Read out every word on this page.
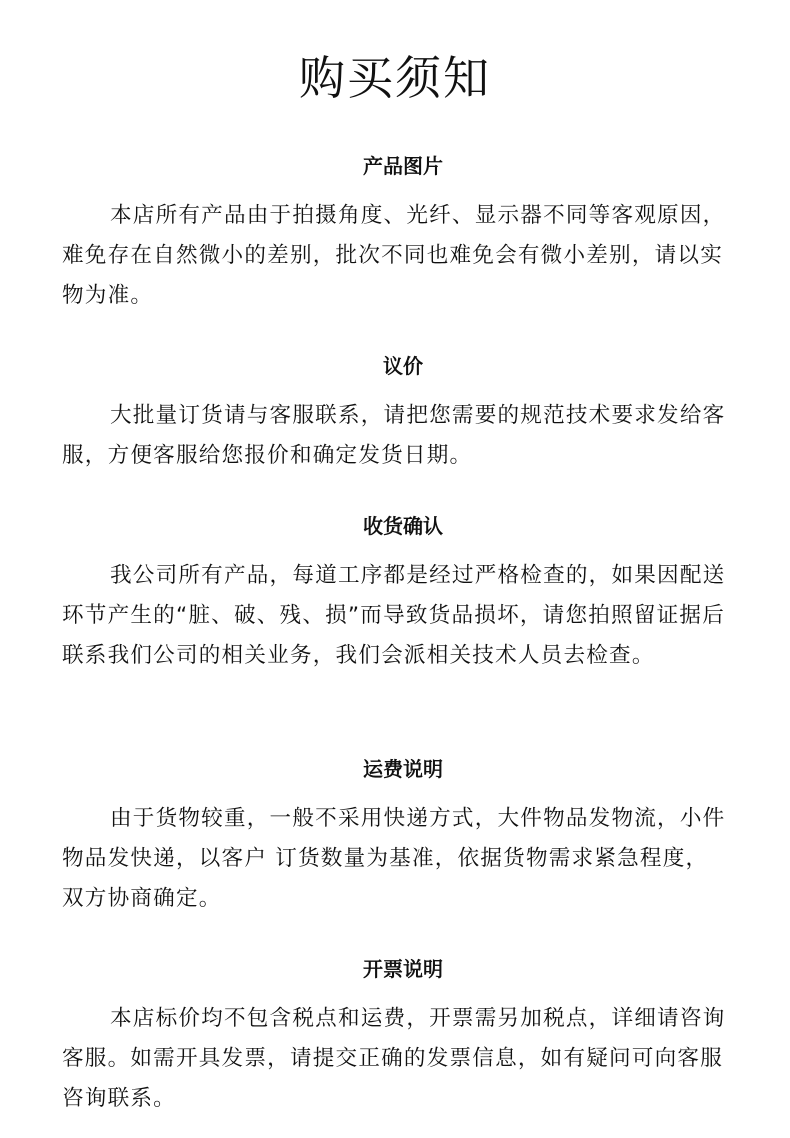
购买须知
产品图片

本店所有产品由于拍摄角度、光纤、显示器不同等客观原因，难免存在自然微小的差别，批次不同也难免会有微小差别，请以实物为准。

议价

大批量订货请与客服联系，请把您需要的规范技术要求发给客服，方便客服给您报价和确定发货日期。

收货确认

我公司所有产品，每道工序都是经过严格检查的，如果因配送环节产生的“脏、破、残、损”而导致货品损坏，请您拍照留证据后联系我们公司的相关业务，我们会派相关技术人员去检查。

运费说明

由于货物较重，一般不采用快递方式，大件物品发物流，小件物品发快递，以客户 订货数量为基准，依据货物需求紧急程度，双方协商确定。

开票说明

本店标价均不包含税点和运费，开票需另加税点，详细请咨询客服。如需开具发票，请提交正确的发票信息，如有疑问可向客服咨询联系。
